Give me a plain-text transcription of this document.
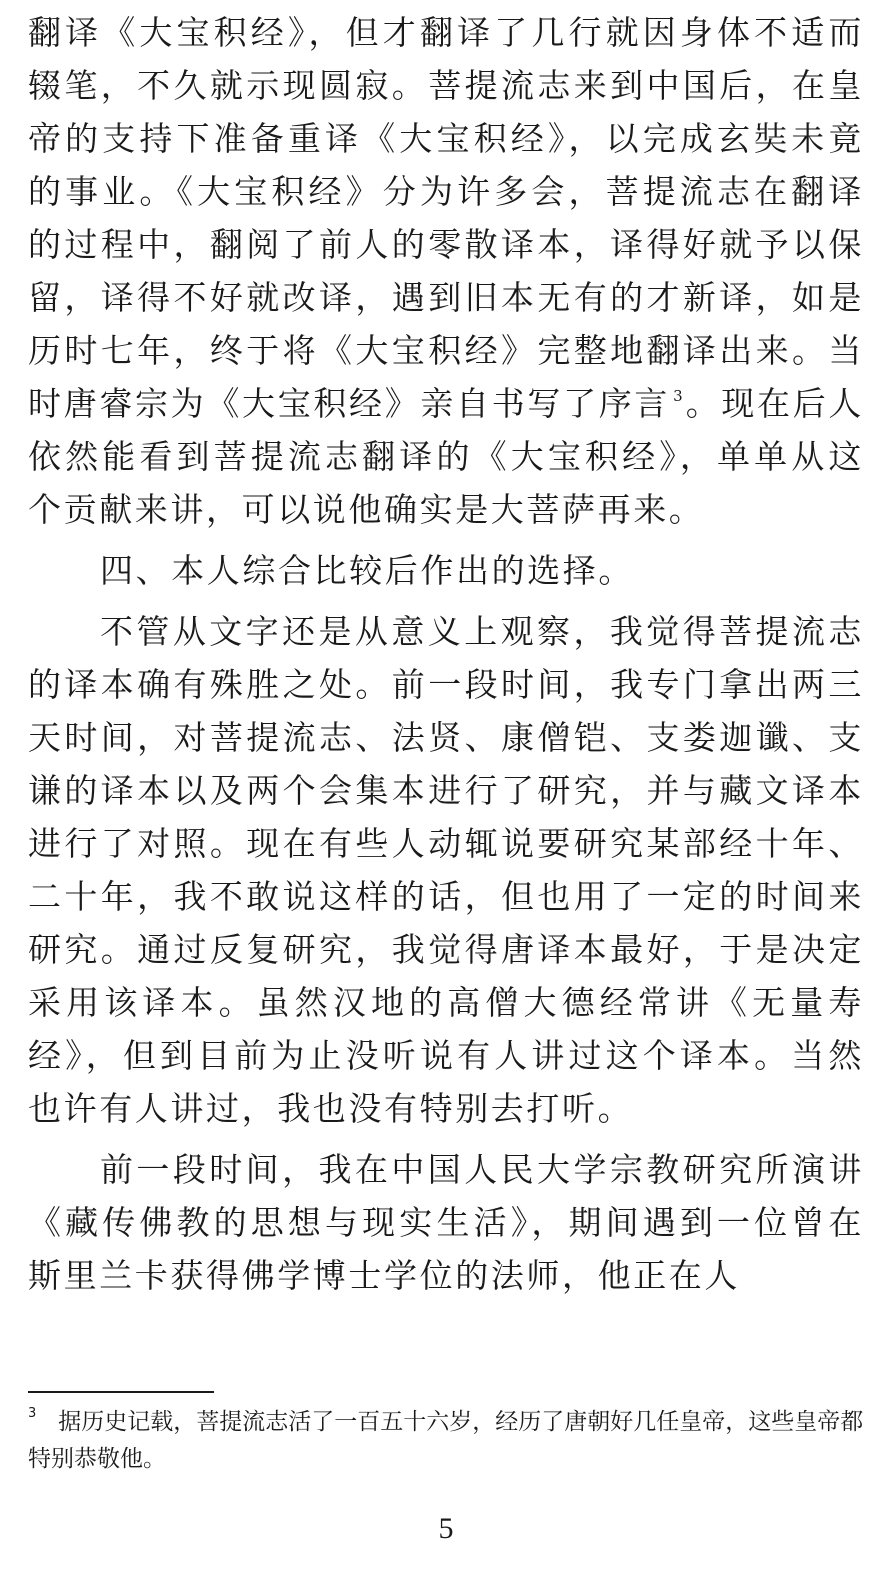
翻译《大宝积经》，但才翻译了几行就因身体不适而辍笔，不久就示现圆寂。菩提流志来到中国后，在皇帝的支持下准备重译《大宝积经》，以完成玄奘未竟的事业。《大宝积经》分为许多会，菩提流志在翻译的过程中，翻阅了前人的零散译本，译得好就予以保留，译得不好就改译，遇到旧本无有的才新译，如是历时七年，终于将《大宝积经》完整地翻译出来。当时唐睿宗为《大宝积经》亲自书写了序言 $^3$。现在后人依然能看到菩提流志翻译的《大宝积经》，单单从这个贡献来讲，可以说他确实是大菩萨再来。

四、本人综合比较后作出的选择。

不管从文字还是从意义上观察，我觉得菩提流志的译本确有殊胜之处。前一段时间，我专门拿出两三天时间，对菩提流志、法贤、康僧铠、支娄迦谶、支谦的译本以及两个会集本进行了研究，并与藏文译本进行了对照。现在有些人动辄说要研究某部经十年、二十年，我不敢说这样的话，但也用了一定的时间来研究。通过反复研究，我觉得唐译本最好，于是决定采用该译本。虽然汉地的高僧大德经常讲《无量寿经》，但到目前为止没听说有人讲过这个译本。当然也许有人讲过，我也没有特别去打听。

前一段时间，我在中国人民大学宗教研究所演讲《藏传佛教的思想与现实生活》，期间遇到一位曾在斯里兰卡获得佛学博士学位的法师，他正在人

$^3$ 据历史记载，菩提流志活了一百五十六岁，经历了唐朝好几任皇帝，这些皇帝都特别恭敬他。
5
